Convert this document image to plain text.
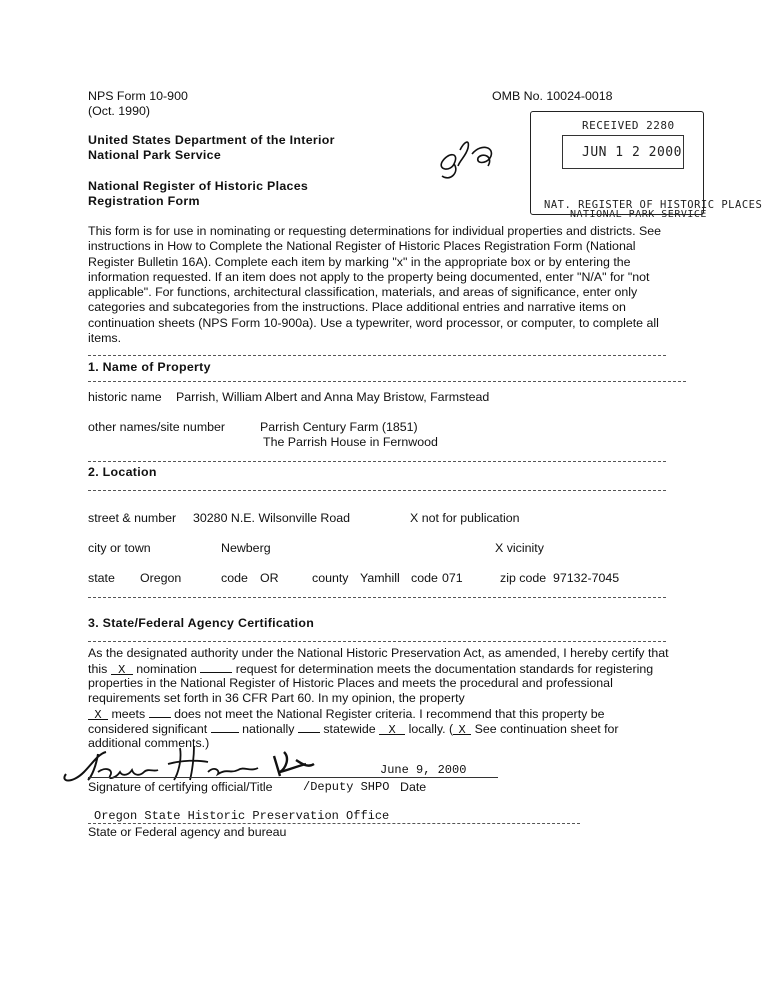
NPS Form 10-900
(Oct. 1990)
OMB No. 10024-0018
United States Department of the Interior
National Park Service
National Register of Historic Places
Registration Form
RECEIVED 2280
JUN 1 2 2000
NAT. REGISTER OF HISTORIC PLACES
NATIONAL PARK SERVICE
This form is for use in nominating or requesting determinations for individual properties and districts. See
instructions in How to Complete the National Register of Historic Places Registration Form (National
Register Bulletin 16A). Complete each item by marking "x" in the appropriate box or by entering the
information requested. If an item does not apply to the property being documented, enter "N/A" for "not
applicable". For functions, architectural classification, materials, and areas of significance, enter only
categories and subcategories from the instructions. Place additional entries and narrative items on
continuation sheets (NPS Form 10-900a). Use a typewriter, word processor, or computer, to complete all
items.
1. Name of Property
historic name Parrish, William Albert and Anna May Bristow, Farmstead
other names/site number	Parrish Century Farm (1851)
The Parrish House in Fernwood
2. Location
street & number 30280 N.E. Wilsonville Road	X not for publication
city or town	Newberg	X vicinity
state Oregon	code OR	county Yamhill code 071	zip code 97132-7045
3. State/Federal Agency Certification
As the designated authority under the National Historic Preservation Act, as amended, I hereby certify that
this X nomination	request for determination meets the documentation standards for registering
properties in the National Register of Historic Places and meets the procedural and professional
requirements set forth in 36 CFR Part 60. In my opinion, the property
X meets does not meet the National Register criteria. I recommend that this property be
considered significant	nationally statewide X locally. ( X See continuation sheet for
additional comments.)
June 9, 2000
Signature of certifying official/Title	/Deputy SHPO Date
Oregon State Historic Preservation Office
State or Federal agency and bureau
